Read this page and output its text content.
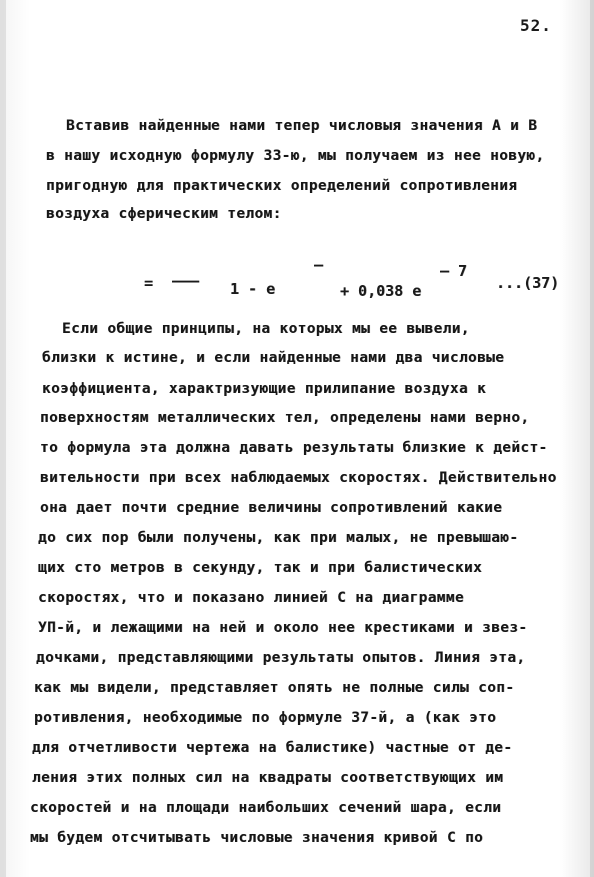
52.
Вставив найденные нами тепер числовыя значения А и В
в нашу исходную формулу 33-ю, мы получаем из нее новую,
пригодную для практических определений сопротивления
воздуха сферическим телом:
= ——— 1 - e
–
+ 0,038 e
– 7
...(37)
Если общие принципы, на которых мы ее вывели,
близки к истине, и если найденные нами два числовые
коэффициента, характризующие прилипание воздуха к
поверхностям металлических тел, определены нами верно,
то формула эта должна давать результаты близкие к дейст-
вительности при всех наблюдаемых скоростях. Действительно
она дает почти средние величины сопротивлений какие
до сих пор были получены, как при малых, не превышаю-
щих сто метров в секунду, так и при балистических
скоростях, что и показано линией С на диаграмме
УП-й, и лежащими на ней и около нее крестиками и звез-
дочками, представляющими результаты опытов. Линия эта,
как мы видели, представляет опять не полные силы соп-
ротивления, необходимые по формуле 37-й, а (как это
для отчетливости чертежа на балистике) частные от де-
ления этих полных сил на квадраты соответствующих им
скоростей и на площади наибольших сечений шара, если
мы будем отсчитывать числовые значения кривой С по
